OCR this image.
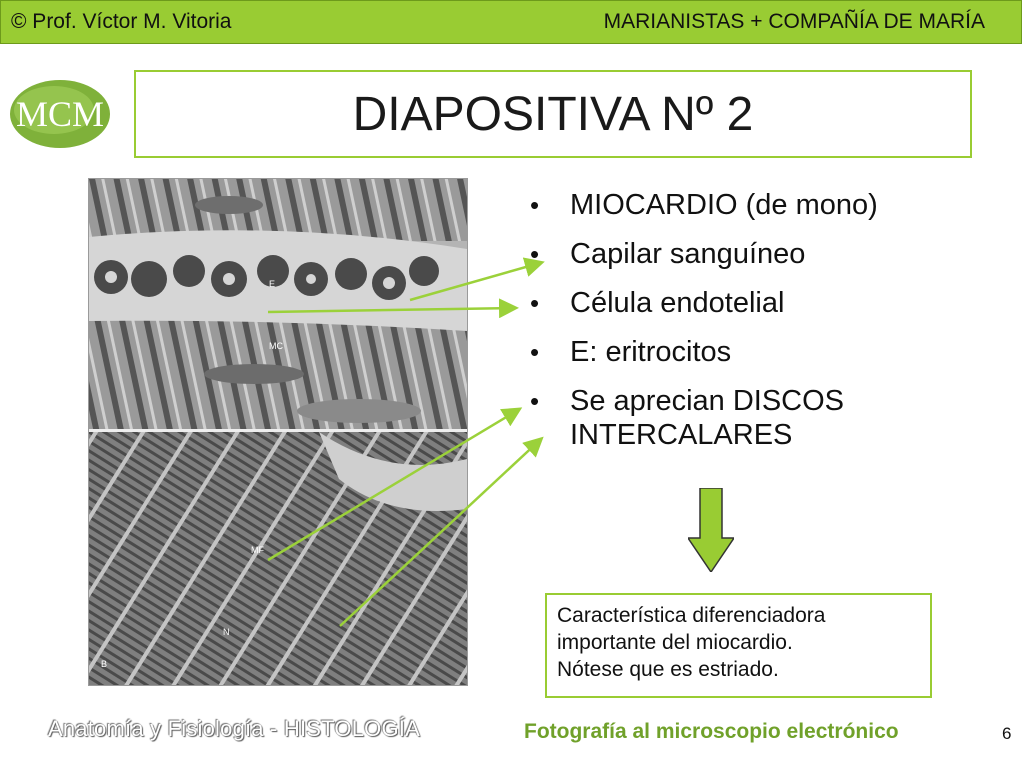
© Prof. Víctor M. Vitoria	MARIANISTAS + COMPAÑÍA DE MARÍA
MCM	DIAPOSITIVA Nº 2
E
MC
MF
N
B
• MIOCARDIO (de mono)
• Capilar sanguíneo
• Célula endotelial
• E: eritrocitos
• Se aprecian DISCOS
INTERCALARES
Característica diferenciadora
importante del miocardio.
Nótese que es estriado.
Anatomía y Fisiología - HISTOLOGÍA	Fotografía al microscopio electrónico	6
